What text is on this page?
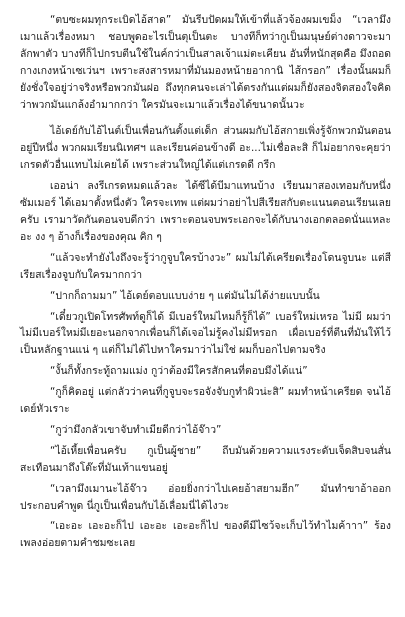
“ตบซะผมทุกระเบิดไอ้สาด” มันรีบปัดผมให้เข้าที่แล้วจ้องผมเขม็ง “เวลามึงเมาแล้วเรื่องหมา ชอบพูดอะไรเป็นตุเป็นตะ บางทีก็ทว่ากูเป็นมนุษย์ต่างดาวจะมาลักพาตัว บางทีก็ไปกรบตีนใช้ในค์กว่าเป็นสาลเจ้าแม่ตะเคียน อันที่หนักสุดคือ มึงถอดกางเกงหน้าเซเว่นฯ เพราะสงสารหมาที่มันมองหน้ายอากานิ ไส้กรอก” เรื่องนั้นผมก็ยังชั่งใจอยู่ว่าจริงหรือพวกมันฝอ ถึงทุกคนจะเล่าได้ตรงกันแต่ผมก็ยังสองจิตสองใจคิดว่าพวกมันแกล้งอำมากกว่า ใครมันจะเมาแล้วเรื่องได้ขนาดนั้นวะ

ไอ้เดย์กับไอ้ไนต์เป็นเพื่อนกันตั้งแต่เด็ก ส่วนผมกับไอ้สกายเพิ่งรู้จักพวกมันตอนอยู่ปีหนึ่ง พวกผมเรียนนิเทศฯ และเรียนค่อนข้างดี อะ...ไม่เชื่อละสิ ก็ไม่อยากจะคุยว่าเกรดตัวอื่นแทบไม่เคยได้ เพราะส่วนใหญ่ได้แต่เกรดดี กรีก

เออน่า ลงรีเกรดหมดแล้วละ ได้ซีได้บีมาแทนบ้าง เรียนมาสองเทอมกับหนึ่งซัมเมอร์ ได้เอมาตั้งหนึ่งตัว ใครจะเทพ แต่ผมว่าอย่าไปสีเรียสกับตะแนนตอนเรียนเลยครับ เรามาวัดกันตอนจบดีกว่า เพราะตอนจบพระเอกจะได้กับนางเอกตลอดนั่นแหละ อะ งง ๆ อ้างก็เรื่องของคุณ คิก ๆ

“แล้วจะทำยังไงถึงจะรู้ว่ากูจูบใครบ้างวะ” ผมไม่ได้เครียดเรื่องโดนจูบนะ แต่สีเรียสเรื่องจูบกับใครมากกว่า

“ปากก็ถามมา” ไอ้เดย์ตอบแบบง่าย ๆ แต่มันไม่ได้ง่ายแบบนั้น

“เดี๋ยวกูเปิดโทรศัพท์ดูก็ได้ มีเบอร์ใหม่ไหมก็รู้ก็ได้” เบอร์ใหม่เหรอ ไม่มี ผมว่าไม่มีเบอร์ใหม่มีเยอะนอกจากเพื่อนก็ได้เจอไม่รู้คงไม่มีหรอก เผื่อเบอร์ที่ตีนที่มันให้ไว้เป็นหลักฐานแน่ ๆ แต่ก็ไม่ได้ไปหาใครมาว่าไม่ใช่ ผมก็บอกไปตามจริง

“งั้นก็ทั้งกระทู้ถามแม่ง กูว่าต้องมีใครสักคนที่ตอบมึงได้แน่”

“กูก็คิดอยู่ แต่กลัวว่าคนที่กูจูบจะรอจังจับกูทำผิวน่ะสิ” ผมทำหน้าเครียด จนไอ้เดย์หัวเราะ

“กูว่ามึงกลัวเขาจับทำเมียดีกว่าไอ้จ๊าว”

“ไอ้เหี้ยเพื่อนครับ กูเป็นผู้ชาย” ถีบมันด้วยความแรงระดับเจ็ดสิบจนสั่นสะเทือนมาถึงโต๊ะที่มันเท้าแขนอยู่

“เวลามึงเมานะไอ้จ๊าว อ่อยยิ่งกว่าไปเคยอ้าสยามฮีก” มันทำขาอ้าออกประกอบคำพูด นี่กูเป็นเพื่อนกับไอ้เลื่อมนี่ได้ไงวะ

“เอะอะ เอะอะก็ไป เอะอะ เอะอะก็ไป ของดีมีไซว้จะเก็บไว้ทำไมค้าาา” ร้องเพลงอ่อยตามคำชมซะเลย
